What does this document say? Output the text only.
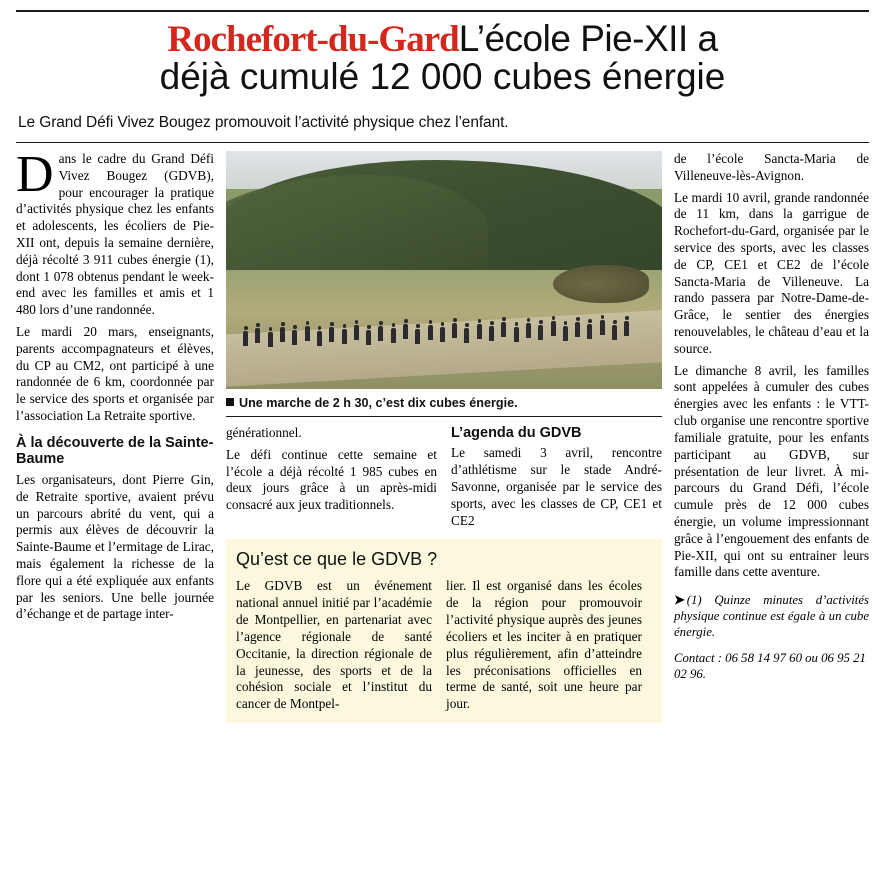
Rochefort-du-GardL’école Pie-XII a
déjà cumulé 12 000 cubes énergie
Le Grand Défi Vivez Bougez promouvoit l’activité physique chez l’enfant.

Dans le cadre du Grand Défi Vivez Bougez (GDVB), pour encourager la pratique d’activités physique chez les enfants et adolescents, les écoliers de Pie-XII ont, depuis la semaine dernière, déjà récolté 3 911 cubes énergie (1), dont 1 078 obtenus pendant le week-end avec les familles et amis et 1 480 lors d’une randonnée.

Le mardi 20 mars, enseignants, parents accompagnateurs et élèves, du CP au CM2, ont participé à une randonnée de 6 km, coordonnée par le service des sports et organisée par l’association La Retraite sportive.

À la découverte de la Sainte-Baume

Les organisateurs, dont Pierre Gin, de Retraite sportive, avaient prévu un parcours abrité du vent, qui a permis aux élèves de découvrir la Sainte-Baume et l’ermitage de Lirac, mais également la richesse de la flore qui a été expliquée aux enfants par les seniors. Une belle journée d’échange et de partage inter-

Une marche de 2 h 30, c’est dix cubes énergie.

générationnel.

Le défi continue cette semaine et l’école a déjà récolté 1 985 cubes en deux jours grâce à un après-midi consacré aux jeux traditionnels.

L’agenda du GDVB

Le samedi 3 avril, rencontre d’athlétisme sur le stade André-Savonne, organisée par le service des sports, avec les classes de CP, CE1 et CE2

Qu’est ce que le GDVB ?
Le GDVB est un événement national annuel initié par l’académie de Montpellier, en partenariat avec l’agence régionale de santé Occitanie, la direction régionale de la jeunesse, des sports et de la cohésion sociale et l’institut du cancer de Montpel-
lier. Il est organisé dans les écoles de la région pour promouvoir l’activité physique auprès des jeunes écoliers et les inciter à en pratiquer plus régulièrement, afin d’atteindre les préconisations officielles en terme de santé, soit une heure par jour.

de l’école Sancta-Maria de Villeneuve-lès-Avignon.

Le mardi 10 avril, grande randonnée de 11 km, dans la garrigue de Rochefort-du-Gard, organisée par le service des sports, avec les classes de CP, CE1 et CE2 de l’école Sancta-Maria de Villeneuve. La rando passera par Notre-Dame-de-Grâce, le sentier des énergies renouvelables, le château d’eau et la source.

Le dimanche 8 avril, les familles sont appelées à cumuler des cubes énergies avec les enfants : le VTT-club organise une rencontre sportive familiale gratuite, pour les enfants participant au GDVB, sur présentation de leur livret. À mi-parcours du Grand Défi, l’école cumule près de 12 000 cubes énergie, un volume impressionnant grâce à l’engouement des enfants de Pie-XII, qui ont su entrainer leurs famille dans cette aventure.

➤ (1) Quinze minutes d’activités physique continue est égale à un cube énergie.
Contact : 06 58 14 97 60 ou 06 95 21 02 96.
